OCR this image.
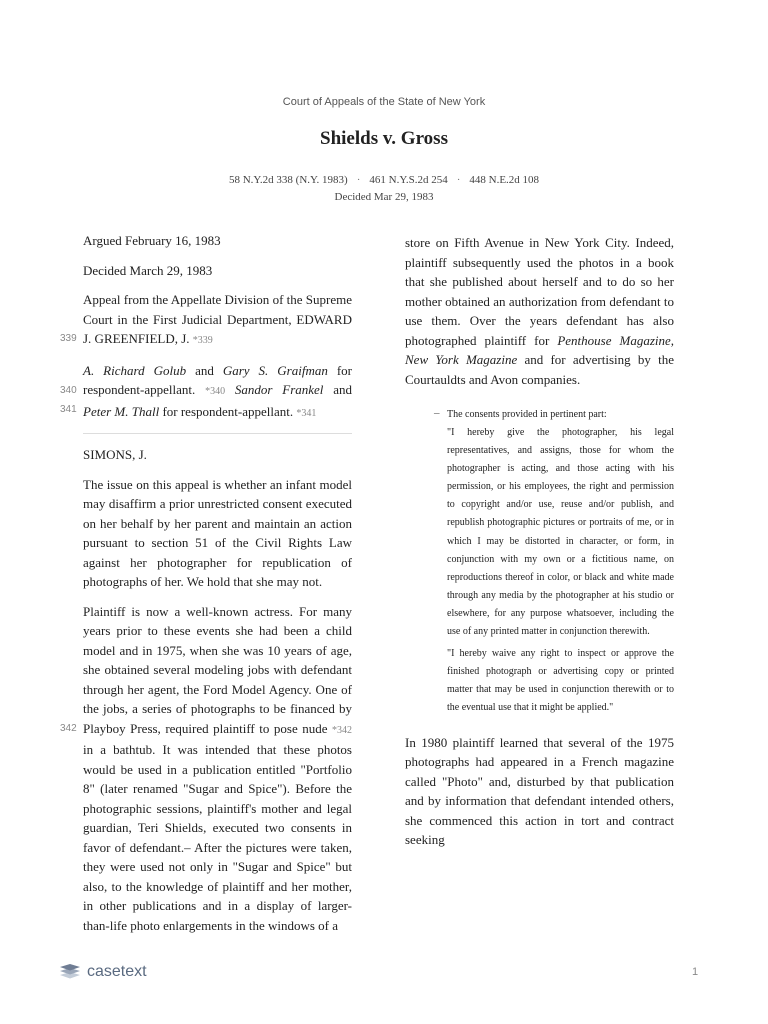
Court of Appeals of the State of New York
Shields v. Gross
58 N.Y.2d 338 (N.Y. 1983) · 461 N.Y.S.2d 254 · 448 N.E.2d 108
Decided Mar 29, 1983

Argued February 16, 1983

Decided March 29, 1983

339
Appeal from the Appellate Division of the Supreme Court in the First Judicial Department, EDWARD J. GREENFIELD, J. *339

340
341
A. Richard Golub and Gary S. Graifman for respondent-appellant. *340 Sandor Frankel and Peter M. Thall for respondent-appellant. *341

SIMONS, J.

The issue on this appeal is whether an infant model may disaffirm a prior unrestricted consent executed on her behalf by her parent and maintain an action pursuant to section 51 of the Civil Rights Law against her photographer for republication of photographs of her. We hold that she may not.

342
Plaintiff is now a well-known actress. For many years prior to these events she had been a child model and in 1975, when she was 10 years of age, she obtained several modeling jobs with defendant through her agent, the Ford Model Agency. One of the jobs, a series of photographs to be financed by Playboy Press, required plaintiff to pose nude *342 in a bathtub. It was intended that these photos would be used in a publication entitled "Portfolio 8" (later renamed "Sugar and Spice"). Before the photographic sessions, plaintiff's mother and legal guardian, Teri Shields, executed two consents in favor of defendant.– After the pictures were taken, they were used not only in "Sugar and Spice" but also, to the knowledge of plaintiff and her mother, in other publications and in a display of larger-than-life photo enlargements in the windows of a

store on Fifth Avenue in New York City. Indeed, plaintiff subsequently used the photos in a book that she published about herself and to do so her mother obtained an authorization from defendant to use them. Over the years defendant has also photographed plaintiff for Penthouse Magazine, New York Magazine and for advertising by the Courtauldts and Avon companies.

– The consents provided in pertinent part:

"I hereby give the photographer, his legal representatives, and assigns, those for whom the photographer is acting, and those acting with his permission, or his employees, the right and permission to copyright and/or use, reuse and/or publish, and republish photographic pictures or portraits of me, or in which I may be distorted in character, or form, in conjunction with my own or a fictitious name, on reproductions thereof in color, or black and white made through any media by the photographer at his studio or elsewhere, for any purpose whatsoever, including the use of any printed matter in conjunction therewith.

"I hereby waive any right to inspect or approve the finished photograph or advertising copy or printed matter that may be used in conjunction therewith or to the eventual use that it might be applied."

In 1980 plaintiff learned that several of the 1975 photographs had appeared in a French magazine called "Photo" and, disturbed by that publication and by information that defendant intended others, she commenced this action in tort and contract seeking

casetext	1
